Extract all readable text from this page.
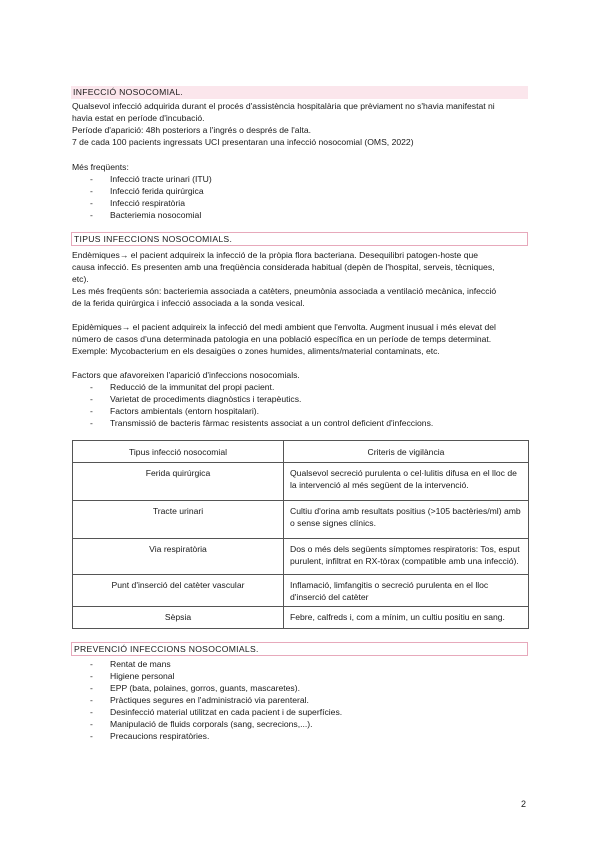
INFECCIÓ NOSOCOMIAL.

Qualsevol infecció adquirida durant el procés d'assistència hospitalària que prèviament no s'havia manifestat ni

havia estat en període d'incubació.

Període d'aparició: 48h posteriors a l'ingrés o després de l'alta.

7 de cada 100 pacients ingressats UCI presentaran una infecció nosocomial (OMS, 2022)

Més freqüents:

- Infecció tracte urinari (ITU)
- Infecció ferida quirúrgica
- Infecció respiratòria
- Bacteriemia nosocomial
TIPUS INFECCIONS NOSOCOMIALS.

Endèmiques→ el pacient adquireix la infecció de la pròpia flora bacteriana. Desequilibri patogen-hoste que

causa infecció. Es presenten amb una freqüència considerada habitual (depèn de l'hospital, serveis, tècniques,

etc).

Les més freqüents són: bacteriemia associada a catèters, pneumònia associada a ventilació mecànica, infecció

de la ferida quirúrgica i infecció associada a la sonda vesical.

Epidèmiques→ el pacient adquireix la infecció del medi ambient que l'envolta. Augment inusual i més elevat del

número de casos d'una determinada patologia en una població específica en un període de temps determinat.

Exemple: Mycobacterium en els desaigües o zones humides, aliments/material contaminats, etc.

Factors que afavoreixen l'aparició d'infeccions nosocomials.

- Reducció de la immunitat del propi pacient.
- Varietat de procediments diagnòstics i terapèutics.
- Factors ambientals (entorn hospitalari).
- Transmissió de bacteris fàrmac resistents associat a un control deficient d'infeccions.
Tipus infecció nosocomial	Criteris de vigilància
Ferida quirúrgica	Qualsevol secreció purulenta o cel·lulitis difusa en el lloc de la intervenció al més següent de la intervenció.
Tracte urinari	Cultiu d'orina amb resultats positius (>105 bactèries/ml) amb o sense signes clínics.
Via respiratòria	Dos o més dels següents símptomes respiratoris: Tos, esput purulent, infiltrat en RX-tòrax (compatible amb una infecció).
Punt d'inserció del catèter vascular	Inflamació, limfangitis o secreció purulenta en el lloc d'inserció del catèter
Sèpsia	Febre, calfreds i, com a mínim, un cultiu positiu en sang.
PREVENCIÓ INFECCIONS NOSOCOMIALS.
- Rentat de mans
- Higiene personal
- EPP (bata, polaines, gorros, guants, mascaretes).
- Pràctiques segures en l'administració via parenteral.
- Desinfecció material utilitzat en cada pacient i de superfícies.
- Manipulació de fluids corporals (sang, secrecions,...).
- Precaucions respiratòries.
2
